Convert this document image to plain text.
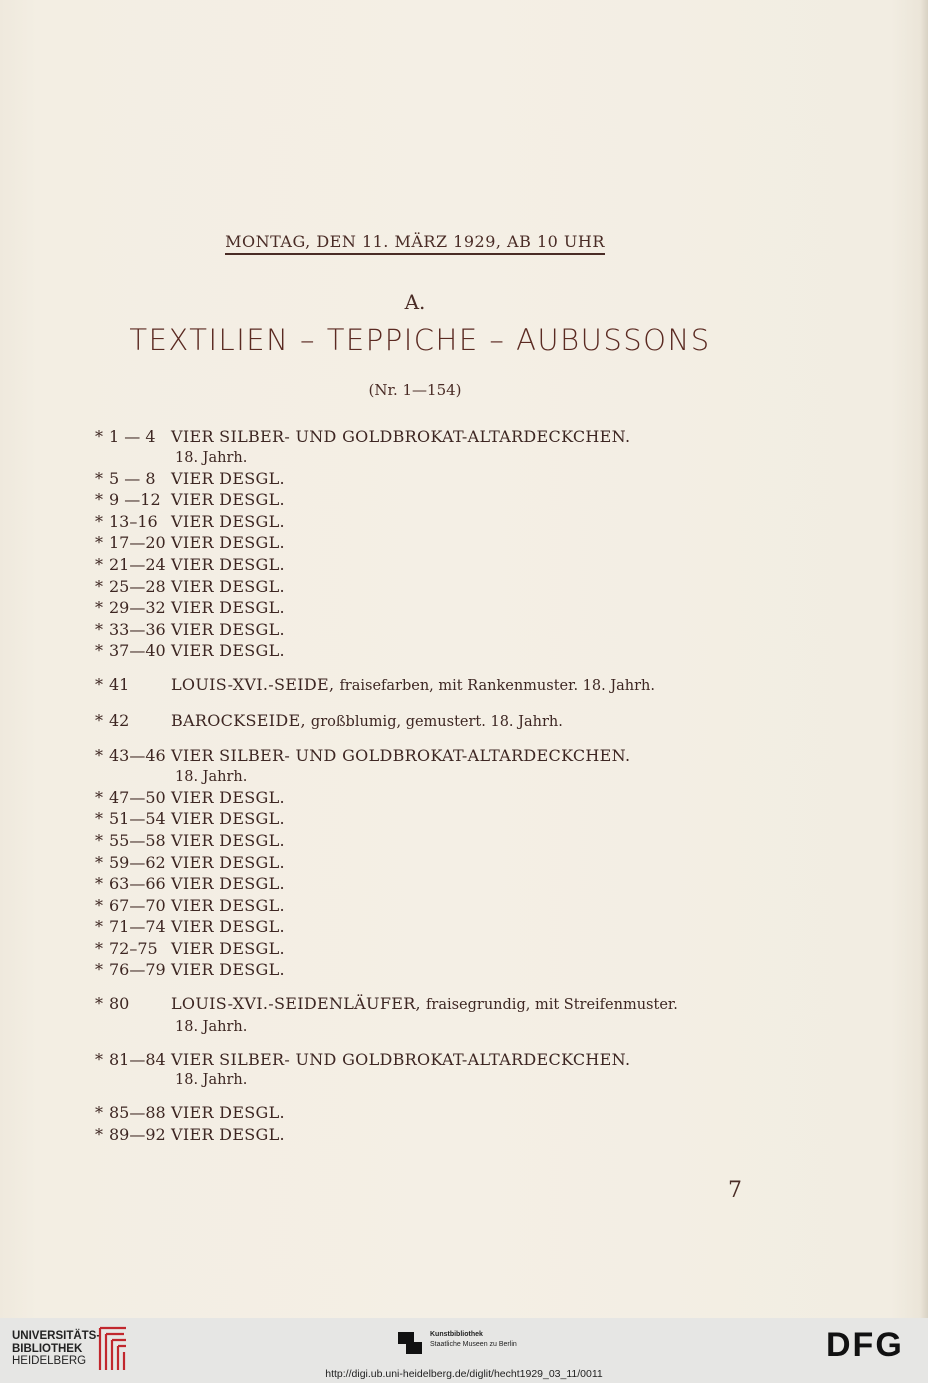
MONTAG, DEN 11. MÄRZ 1929, AB 10 UHR
A.
TEXTILIEN – TEPPICHE – AUBUSSONS
(Nr. 1—154)
* 1 — 4 VIER SILBER- UND GOLDBROKAT-ALTARDECKCHEN.
18. Jahrh.
* 5 — 8 VIER DESGL.
* 9 —12 VIER DESGL.
* 13–16 VIER DESGL.
* 17—20 VIER DESGL.
* 21—24 VIER DESGL.
* 25—28 VIER DESGL.
* 29—32 VIER DESGL.
* 33—36 VIER DESGL.
* 37—40 VIER DESGL.
* 41	LOUIS-XVI.-SEIDE, fraisefarben, mit Rankenmuster. 18. Jahrh.
* 42	BAROCKSEIDE, großblumig, gemustert. 18. Jahrh.
* 43—46 VIER SILBER- UND GOLDBROKAT-ALTARDECKCHEN.
18. Jahrh.
* 47—50 VIER DESGL.
* 51—54 VIER DESGL.
* 55—58 VIER DESGL.
* 59—62 VIER DESGL.
* 63—66 VIER DESGL.
* 67—70 VIER DESGL.
* 71—74 VIER DESGL.
* 72–75 VIER DESGL.
* 76—79 VIER DESGL.
* 80	LOUIS-XVI.-SEIDENLÄUFER, fraisegrundig, mit Streifenmuster.
18. Jahrh.
* 81—84 VIER SILBER- UND GOLDBROKAT-ALTARDECKCHEN.
18. Jahrh.
* 85—88 VIER DESGL.
* 89—92 VIER DESGL.
7
UNIVERSITÄTS-
BIBLIOTHEK
HEIDELBERG
Kunstbibliothek
Staatliche Museen zu Berlin	DFG
http://digi.ub.uni-heidelberg.de/diglit/hecht1929_03_11/0011
